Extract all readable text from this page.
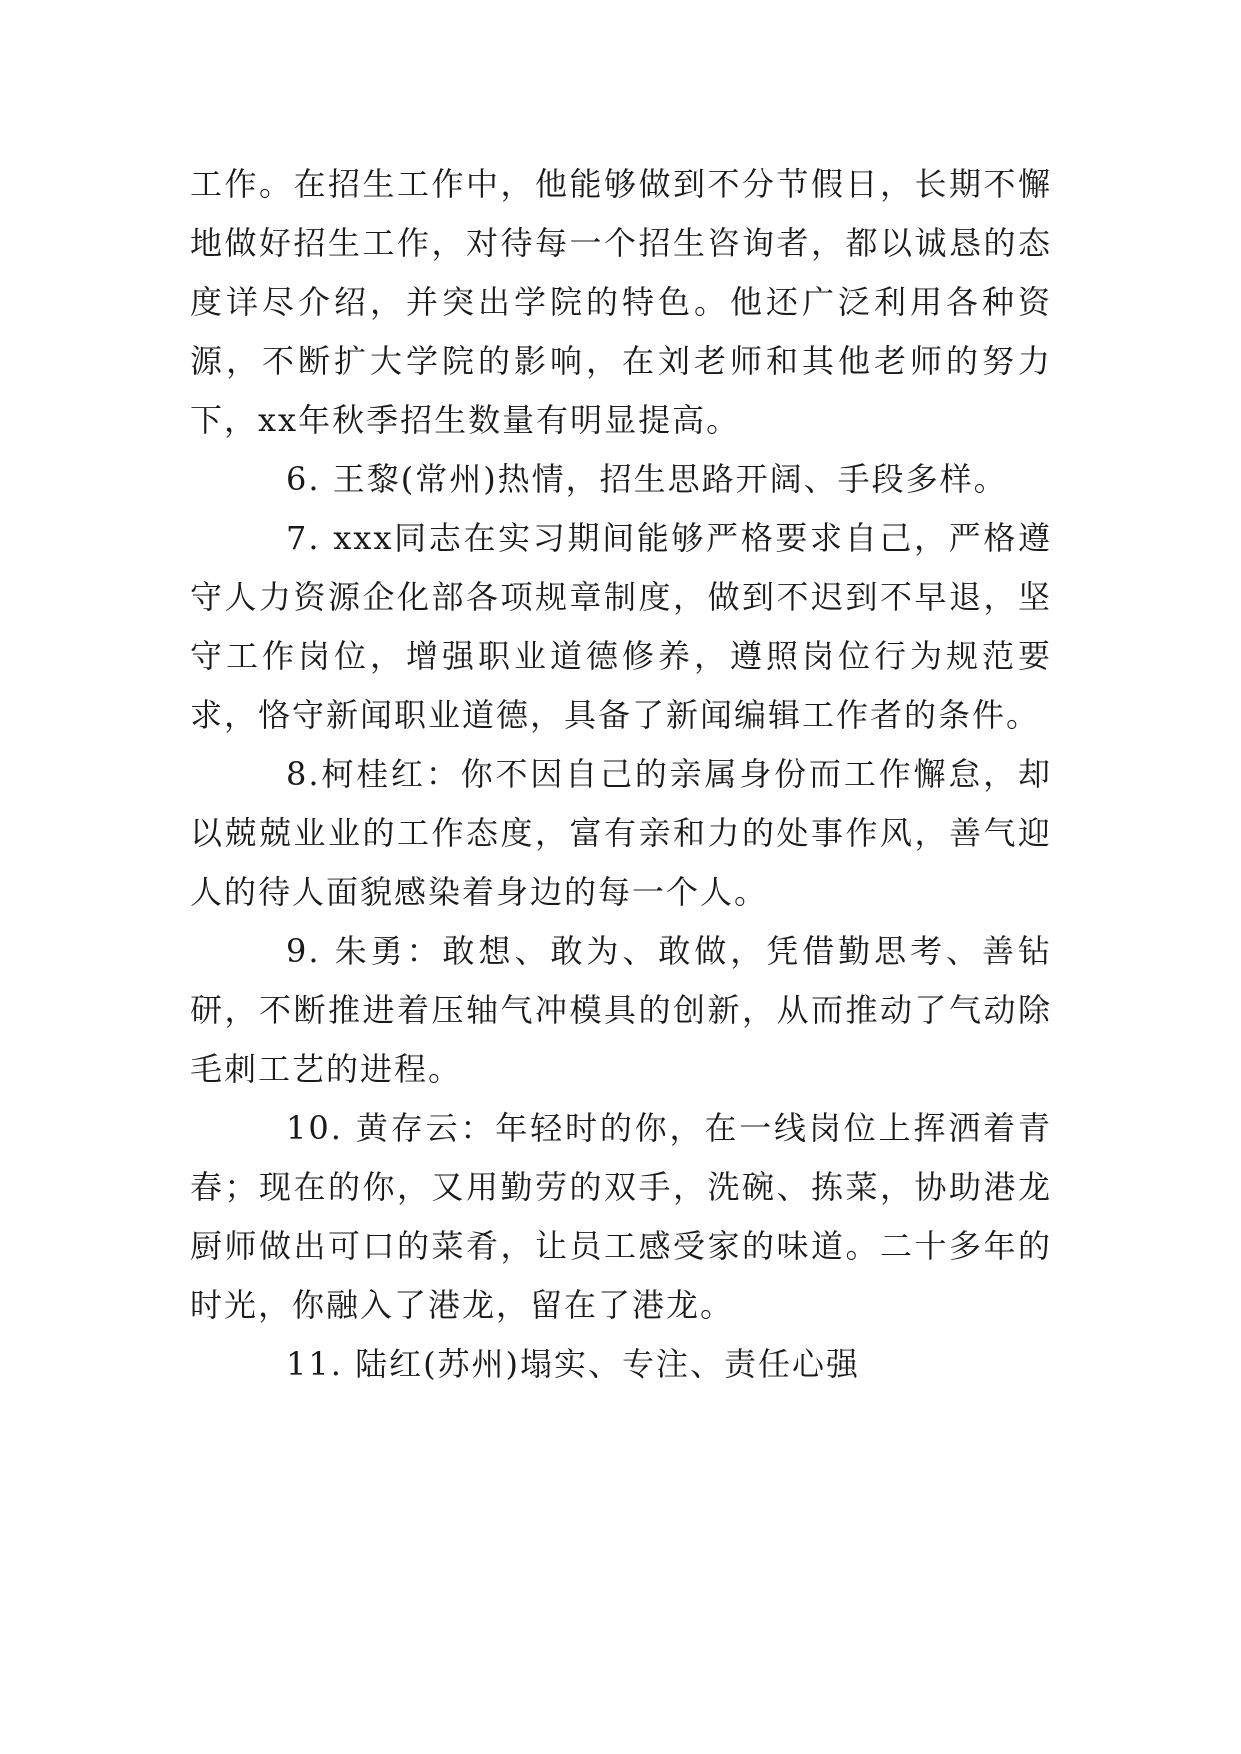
工作。在招生工作中，他能够做到不分节假日，长期不懈地做好招生工作，对待每一个招生咨询者，都以诚恳的态度详尽介绍，并突出学院的特色。他还广泛利用各种资源，不断扩大学院的影响，在刘老师和其他老师的努力下，xx年秋季招生数量有明显提高。

6. 王黎(常州)热情，招生思路开阔、手段多样。

7. xxx同志在实习期间能够严格要求自己，严格遵守人力资源企化部各项规章制度，做到不迟到不早退，坚守工作岗位，增强职业道德修养，遵照岗位行为规范要求，恪守新闻职业道德，具备了新闻编辑工作者的条件。

8.柯桂红：你不因自己的亲属身份而工作懈怠，却以兢兢业业的工作态度，富有亲和力的处事作风，善气迎人的待人面貌感染着身边的每一个人。

9. 朱勇：敢想、敢为、敢做，凭借勤思考、善钻研，不断推进着压轴气冲模具的创新，从而推动了气动除毛刺工艺的进程。

10. 黄存云：年轻时的你，在一线岗位上挥洒着青春；现在的你，又用勤劳的双手，洗碗、拣菜，协助港龙厨师做出可口的菜肴，让员工感受家的味道。二十多年的时光，你融入了港龙，留在了港龙。

11. 陆红(苏州)塌实、专注、责任心强
